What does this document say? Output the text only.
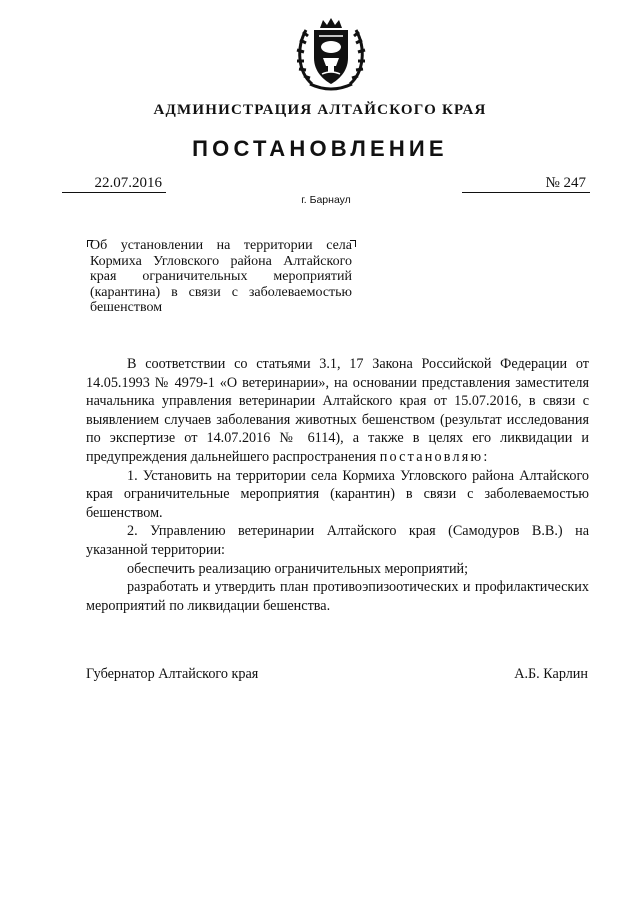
АДМИНИСТРАЦИЯ АЛТАЙСКОГО КРАЯ
ПОСТАНОВЛЕНИЕ
22.07.2016	№ 247
г. Барнаул
Об установлении на территории села Кормиха Угловского района Алтайского края ограничительных мероприятий (карантина) в связи с заболеваемостью бешенством

В соответствии со статьями 3.1, 17 Закона Российской Федерации от 14.05.1993 № 4979-1 «О ветеринарии», на основании представления заместителя начальника управления ветеринарии Алтайского края от 15.07.2016, в связи с выявлением случаев заболевания животных бешенством (результат исследования по экспертизе от 14.07.2016 № 6114), а также в целях его ликвидации и предупреждения дальнейшего распространения постановляю:

1. Установить на территории села Кормиха Угловского района Алтайского края ограничительные мероприятия (карантин) в связи с заболеваемостью бешенством.

2. Управлению ветеринарии Алтайского края (Самодуров В.В.) на указанной территории:

обеспечить реализацию ограничительных мероприятий;

разработать и утвердить план противоэпизоотических и профилактических мероприятий по ликвидации бешенства.

Губернатор Алтайского края	А.Б. Карлин
